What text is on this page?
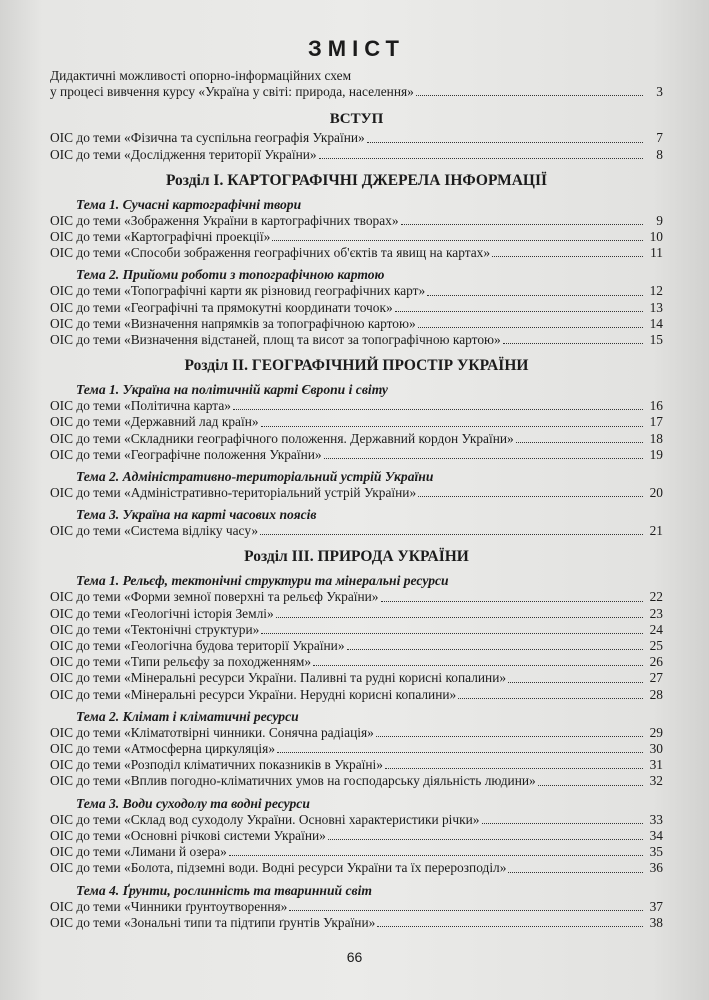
ЗМІСТ
Дидактичні можливості опорно-інформаційних схем
у процесі вивчення курсу «Україна у світі: природа, населення»	3
ВСТУП
ОІС до теми «Фізична та суспільна географія України»	7
ОІС до теми «Дослідження території України»	8
Розділ І. КАРТОГРАФІЧНІ ДЖЕРЕЛА ІНФОРМАЦІЇ
Тема 1. Сучасні картографічні твори
ОІС до теми «Зображення України в картографічних творах»	9
ОІС до теми «Картографічні проекції»	10
ОІС до теми «Способи зображення географічних об'єктів та явищ на картах»	11
Тема 2. Прийоми роботи з топографічною картою
ОІС до теми «Топографічні карти як різновид географічних карт»	12
ОІС до теми «Географічні та прямокутні координати точок»	13
ОІС до теми «Визначення напрямків за топографічною картою»	14
ОІС до теми «Визначення відстаней, площ та висот за топографічною картою»	15
Розділ ІІ. ГЕОГРАФІЧНИЙ ПРОСТІР УКРАЇНИ
Тема 1. Україна на політичній карті Європи і світу
ОІС до теми «Політична карта»	16
ОІС до теми «Державний лад країн»	17
ОІС до теми «Складники географічного положення. Державний кордон України»	18
ОІС до теми «Географічне положення України»	19
Тема 2. Адміністративно-територіальний устрій України
ОІС до теми «Адміністративно-територіальний устрій України»	20
Тема 3. Україна на карті часових поясів
ОІС до теми «Система відліку часу»	21
Розділ ІІІ. ПРИРОДА УКРАЇНИ
Тема 1. Рельєф, тектонічні структури та мінеральні ресурси
ОІС до теми «Форми земної поверхні та рельєф України»	22
ОІС до теми «Геологічні історія Землі»	23
ОІС до теми «Тектонічні структури»	24
ОІС до теми «Геологічна будова території України»	25
ОІС до теми «Типи рельєфу за походженням»	26
ОІС до теми «Мінеральні ресурси України. Паливні та рудні корисні копалини»	27
ОІС до теми «Мінеральні ресурси України. Нерудні корисні копалини»	28
Тема 2. Клімат і кліматичні ресурси
ОІС до теми «Кліматотвірні чинники. Сонячна радіація»	29
ОІС до теми «Атмосферна циркуляція»	30
ОІС до теми «Розподіл кліматичних показників в Україні»	31
ОІС до теми «Вплив погодно-кліматичних умов на господарську діяльність людини»	32
Тема 3. Води суходолу та водні ресурси
ОІС до теми «Склад вод суходолу України. Основні характеристики річки»	33
ОІС до теми «Основні річкові системи України»	34
ОІС до теми «Лимани й озера»	35
ОІС до теми «Болота, підземні води. Водні ресурси України та їх перерозподіл»	36
Тема 4. Ґрунти, рослинність та тваринний світ
ОІС до теми «Чинники ґрунтоутворення»	37
ОІС до теми «Зональні типи та підтипи ґрунтів України»	38
66
